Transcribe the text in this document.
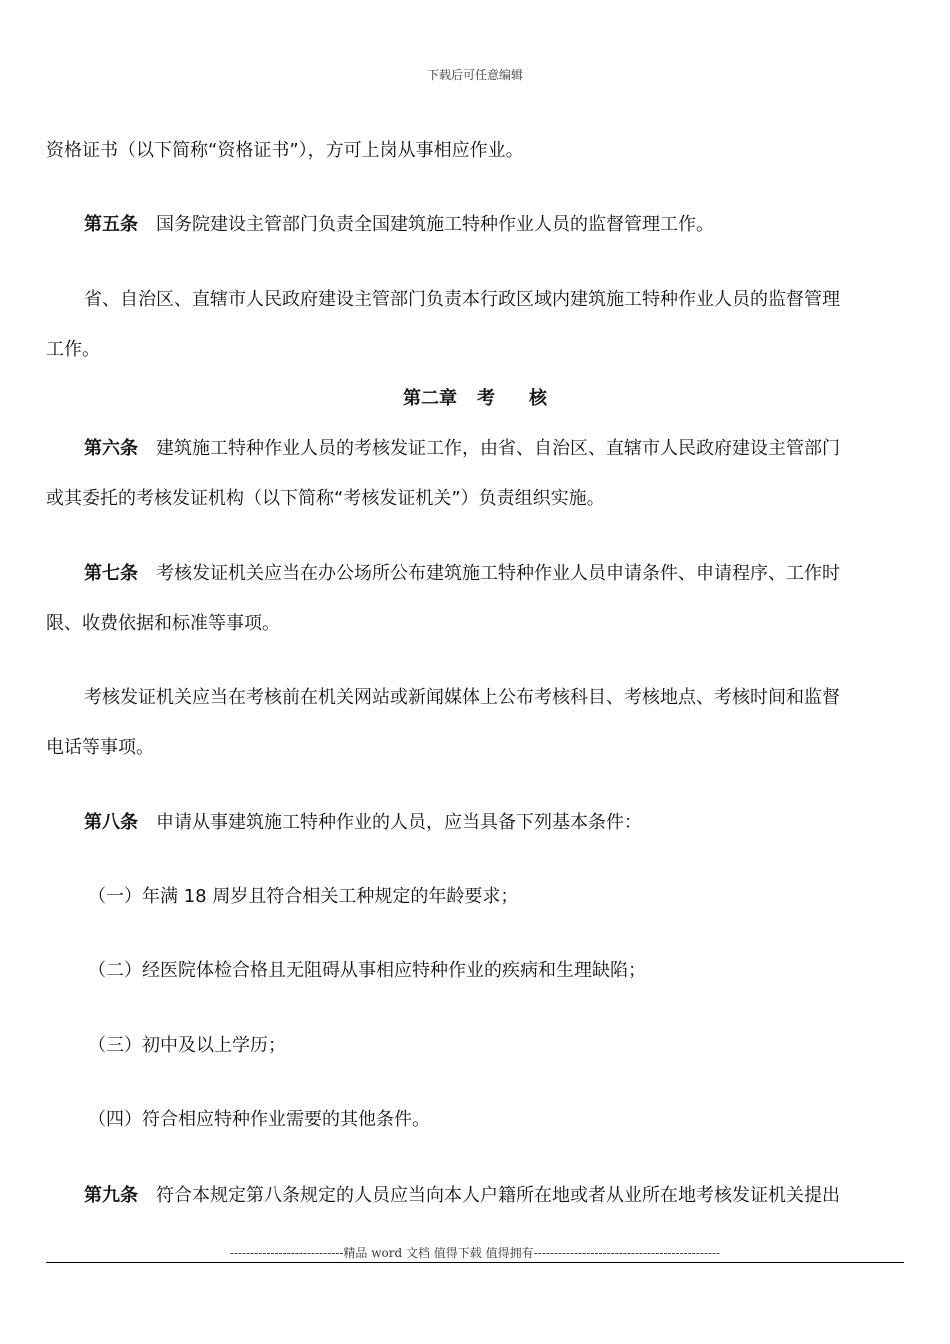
下载后可任意编辑
资格证书（以下简称“资格证书”），方可上岗从事相应作业。
第五条 国务院建设主管部门负责全国建筑施工特种作业人员的监督管理工作。
省、自治区、直辖市人民政府建设主管部门负责本行政区域内建筑施工特种作业人员的监督管理
工作。
第二章 考 核
第六条 建筑施工特种作业人员的考核发证工作，由省、自治区、直辖市人民政府建设主管部门
或其委托的考核发证机构（以下简称“考核发证机关”）负责组织实施。
第七条 考核发证机关应当在办公场所公布建筑施工特种作业人员申请条件、申请程序、工作时
限、收费依据和标准等事项。
考核发证机关应当在考核前在机关网站或新闻媒体上公布考核科目、考核地点、考核时间和监督
电话等事项。
第八条 申请从事建筑施工特种作业的人员，应当具备下列基本条件：
（一）年满 18 周岁且符合相关工种规定的年龄要求；
（二）经医院体检合格且无阻碍从事相应特种作业的疾病和生理缺陷；
（三）初中及以上学历；
（四）符合相应特种作业需要的其他条件。
第九条 符合本规定第八条规定的人员应当向本人户籍所在地或者从业所在地考核发证机关提出
----------------------------精品 word 文档 值得下载 值得拥有----------------------------------------------
